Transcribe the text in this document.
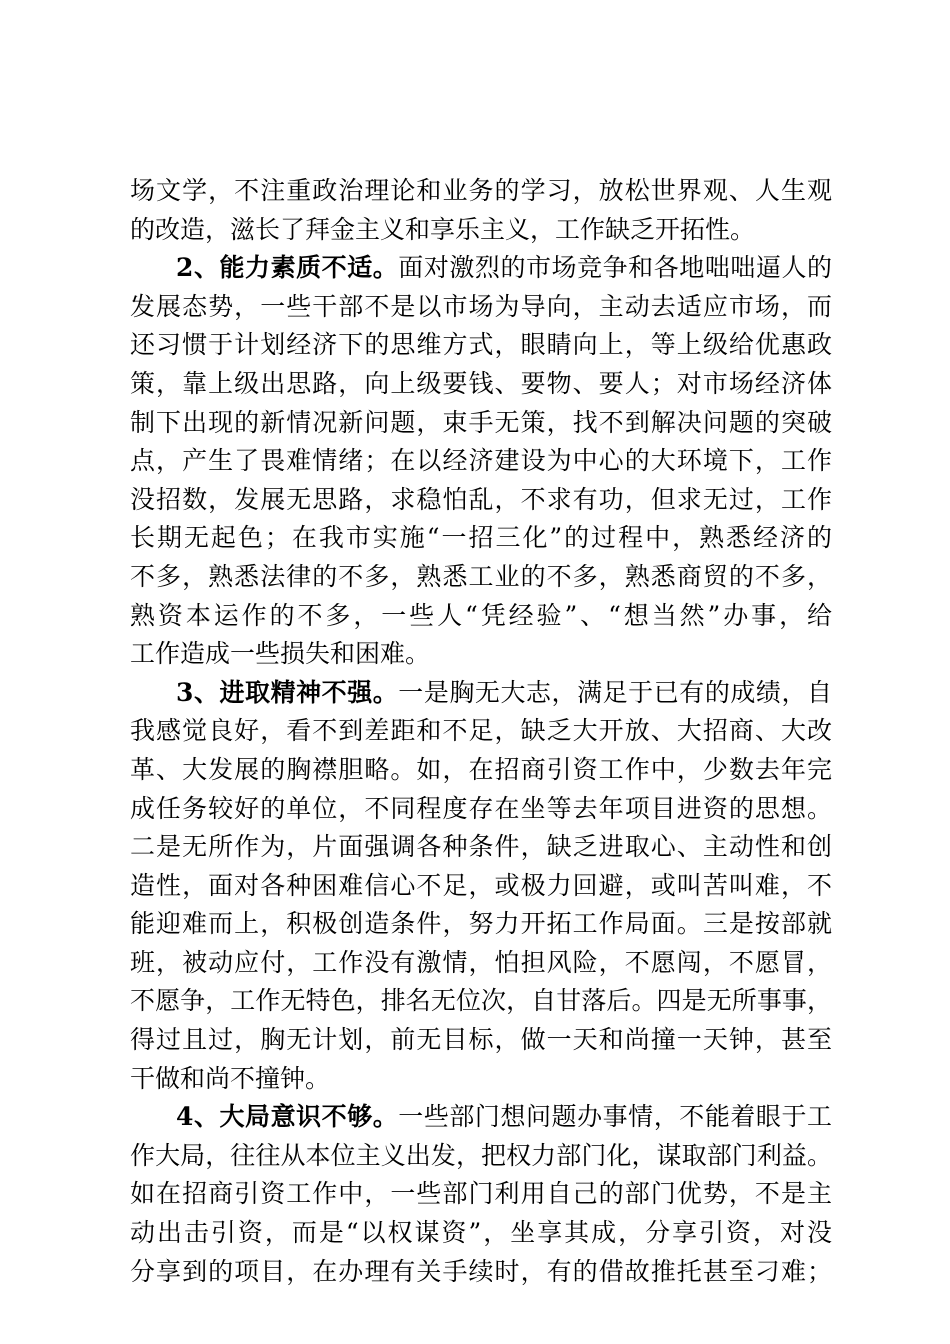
场文学，不注重政治理论和业务的学习，放松世界观、人生观
的改造，滋长了拜金主义和享乐主义，工作缺乏开拓性。
2、能力素质不适。面对激烈的市场竞争和各地咄咄逼人的
发展态势，一些干部不是以市场为导向，主动去适应市场，而
还习惯于计划经济下的思维方式，眼睛向上，等上级给优惠政
策，靠上级出思路，向上级要钱、要物、要人；对市场经济体
制下出现的新情况新问题，束手无策，找不到解决问题的突破
点，产生了畏难情绪；在以经济建设为中心的大环境下，工作
没招数，发展无思路，求稳怕乱，不求有功，但求无过，工作
长期无起色；在我市实施“一招三化”的过程中，熟悉经济的
不多，熟悉法律的不多，熟悉工业的不多，熟悉商贸的不多，
熟资本运作的不多，一些人“凭经验”、“想当然”办事，给
工作造成一些损失和困难。
3、进取精神不强。一是胸无大志，满足于已有的成绩，自
我感觉良好，看不到差距和不足，缺乏大开放、大招商、大改
革、大发展的胸襟胆略。如，在招商引资工作中，少数去年完
成任务较好的单位，不同程度存在坐等去年项目进资的思想。
二是无所作为，片面强调各种条件，缺乏进取心、主动性和创
造性，面对各种困难信心不足，或极力回避，或叫苦叫难，不
能迎难而上，积极创造条件，努力开拓工作局面。三是按部就
班，被动应付，工作没有激情，怕担风险，不愿闯，不愿冒，
不愿争，工作无特色，排名无位次，自甘落后。四是无所事事，
得过且过，胸无计划，前无目标，做一天和尚撞一天钟，甚至
干做和尚不撞钟。
4、大局意识不够。一些部门想问题办事情，不能着眼于工
作大局，往往从本位主义出发，把权力部门化，谋取部门利益。
如在招商引资工作中，一些部门利用自己的部门优势，不是主
动出击引资，而是“以权谋资”，坐享其成，分享引资，对没
分享到的项目，在办理有关手续时，有的借故推托甚至刁难；
